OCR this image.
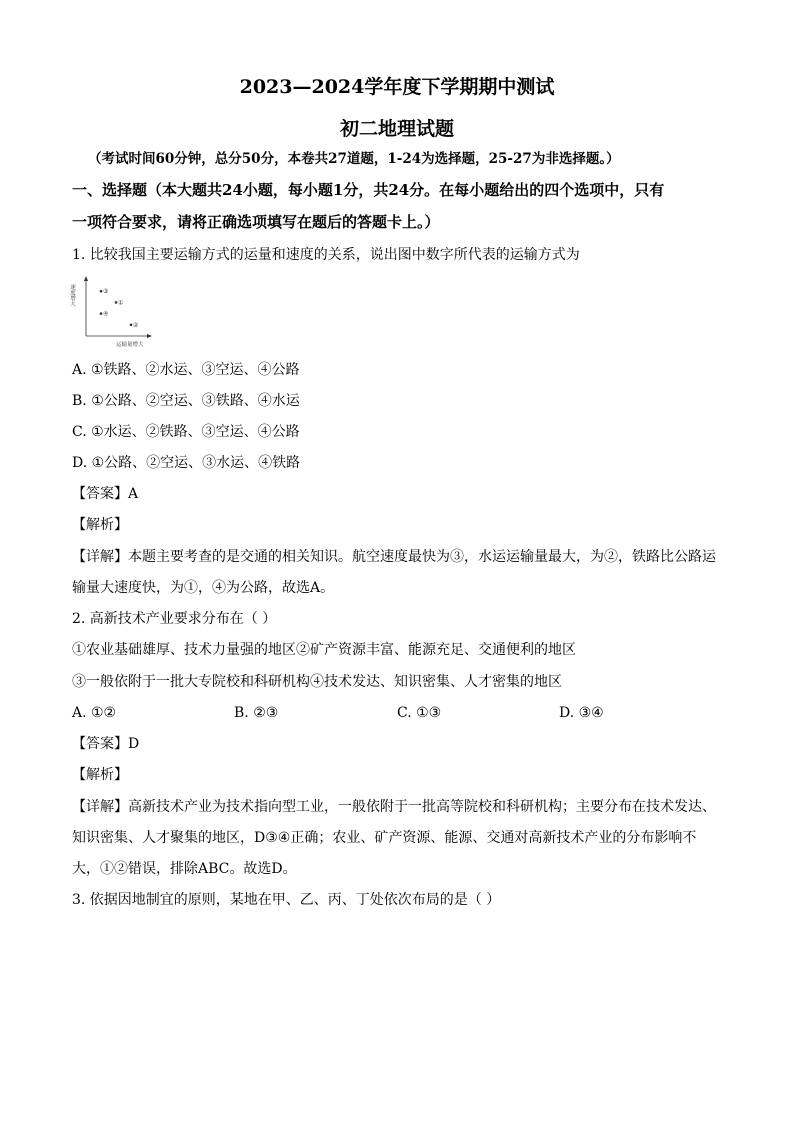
2023—2024学年度下学期期中测试
初二地理试题
（考试时间60分钟，总分50分，本卷共27道题，1-24为选择题，25-27为非选择题。）
一、选择题（本大题共24小题，每小题1分，共24分。在每小题给出的四个选项中，只有
一项符合要求，请将正确选项填写在题后的答题卡上。）
1. 比较我国主要运输方式的运量和速度的关系，说出图中数字所代表的运输方式为
速度增大
运输量增大
③
①
④
②
A. ①铁路、②水运、③空运、④公路
B. ①公路、②空运、③铁路、④水运
C. ①水运、②铁路、③空运、④公路
D. ①公路、②空运、③水运、④铁路
【答案】A
【解析】
【详解】本题主要考查的是交通的相关知识。航空速度最快为③，水运运输量最大，为②，铁路比公路运
输量大速度快，为①，④为公路，故选A。
2. 高新技术产业要求分布在（ ）
①农业基础雄厚、技术力量强的地区②矿产资源丰富、能源充足、交通便利的地区
③一般依附于一批大专院校和科研机构④技术发达、知识密集、人才密集的地区
A. ①②	B. ②③	C. ①③	D. ③④
【答案】D
【解析】
【详解】高新技术产业为技术指向型工业，一般依附于一批高等院校和科研机构；主要分布在技术发达、
知识密集、人才聚集的地区，D③④正确；农业、矿产资源、能源、交通对高新技术产业的分布影响不
大，①②错误，排除ABC。故选D。
3. 依据因地制宜的原则，某地在甲、乙、丙、丁处依次布局的是（ ）
